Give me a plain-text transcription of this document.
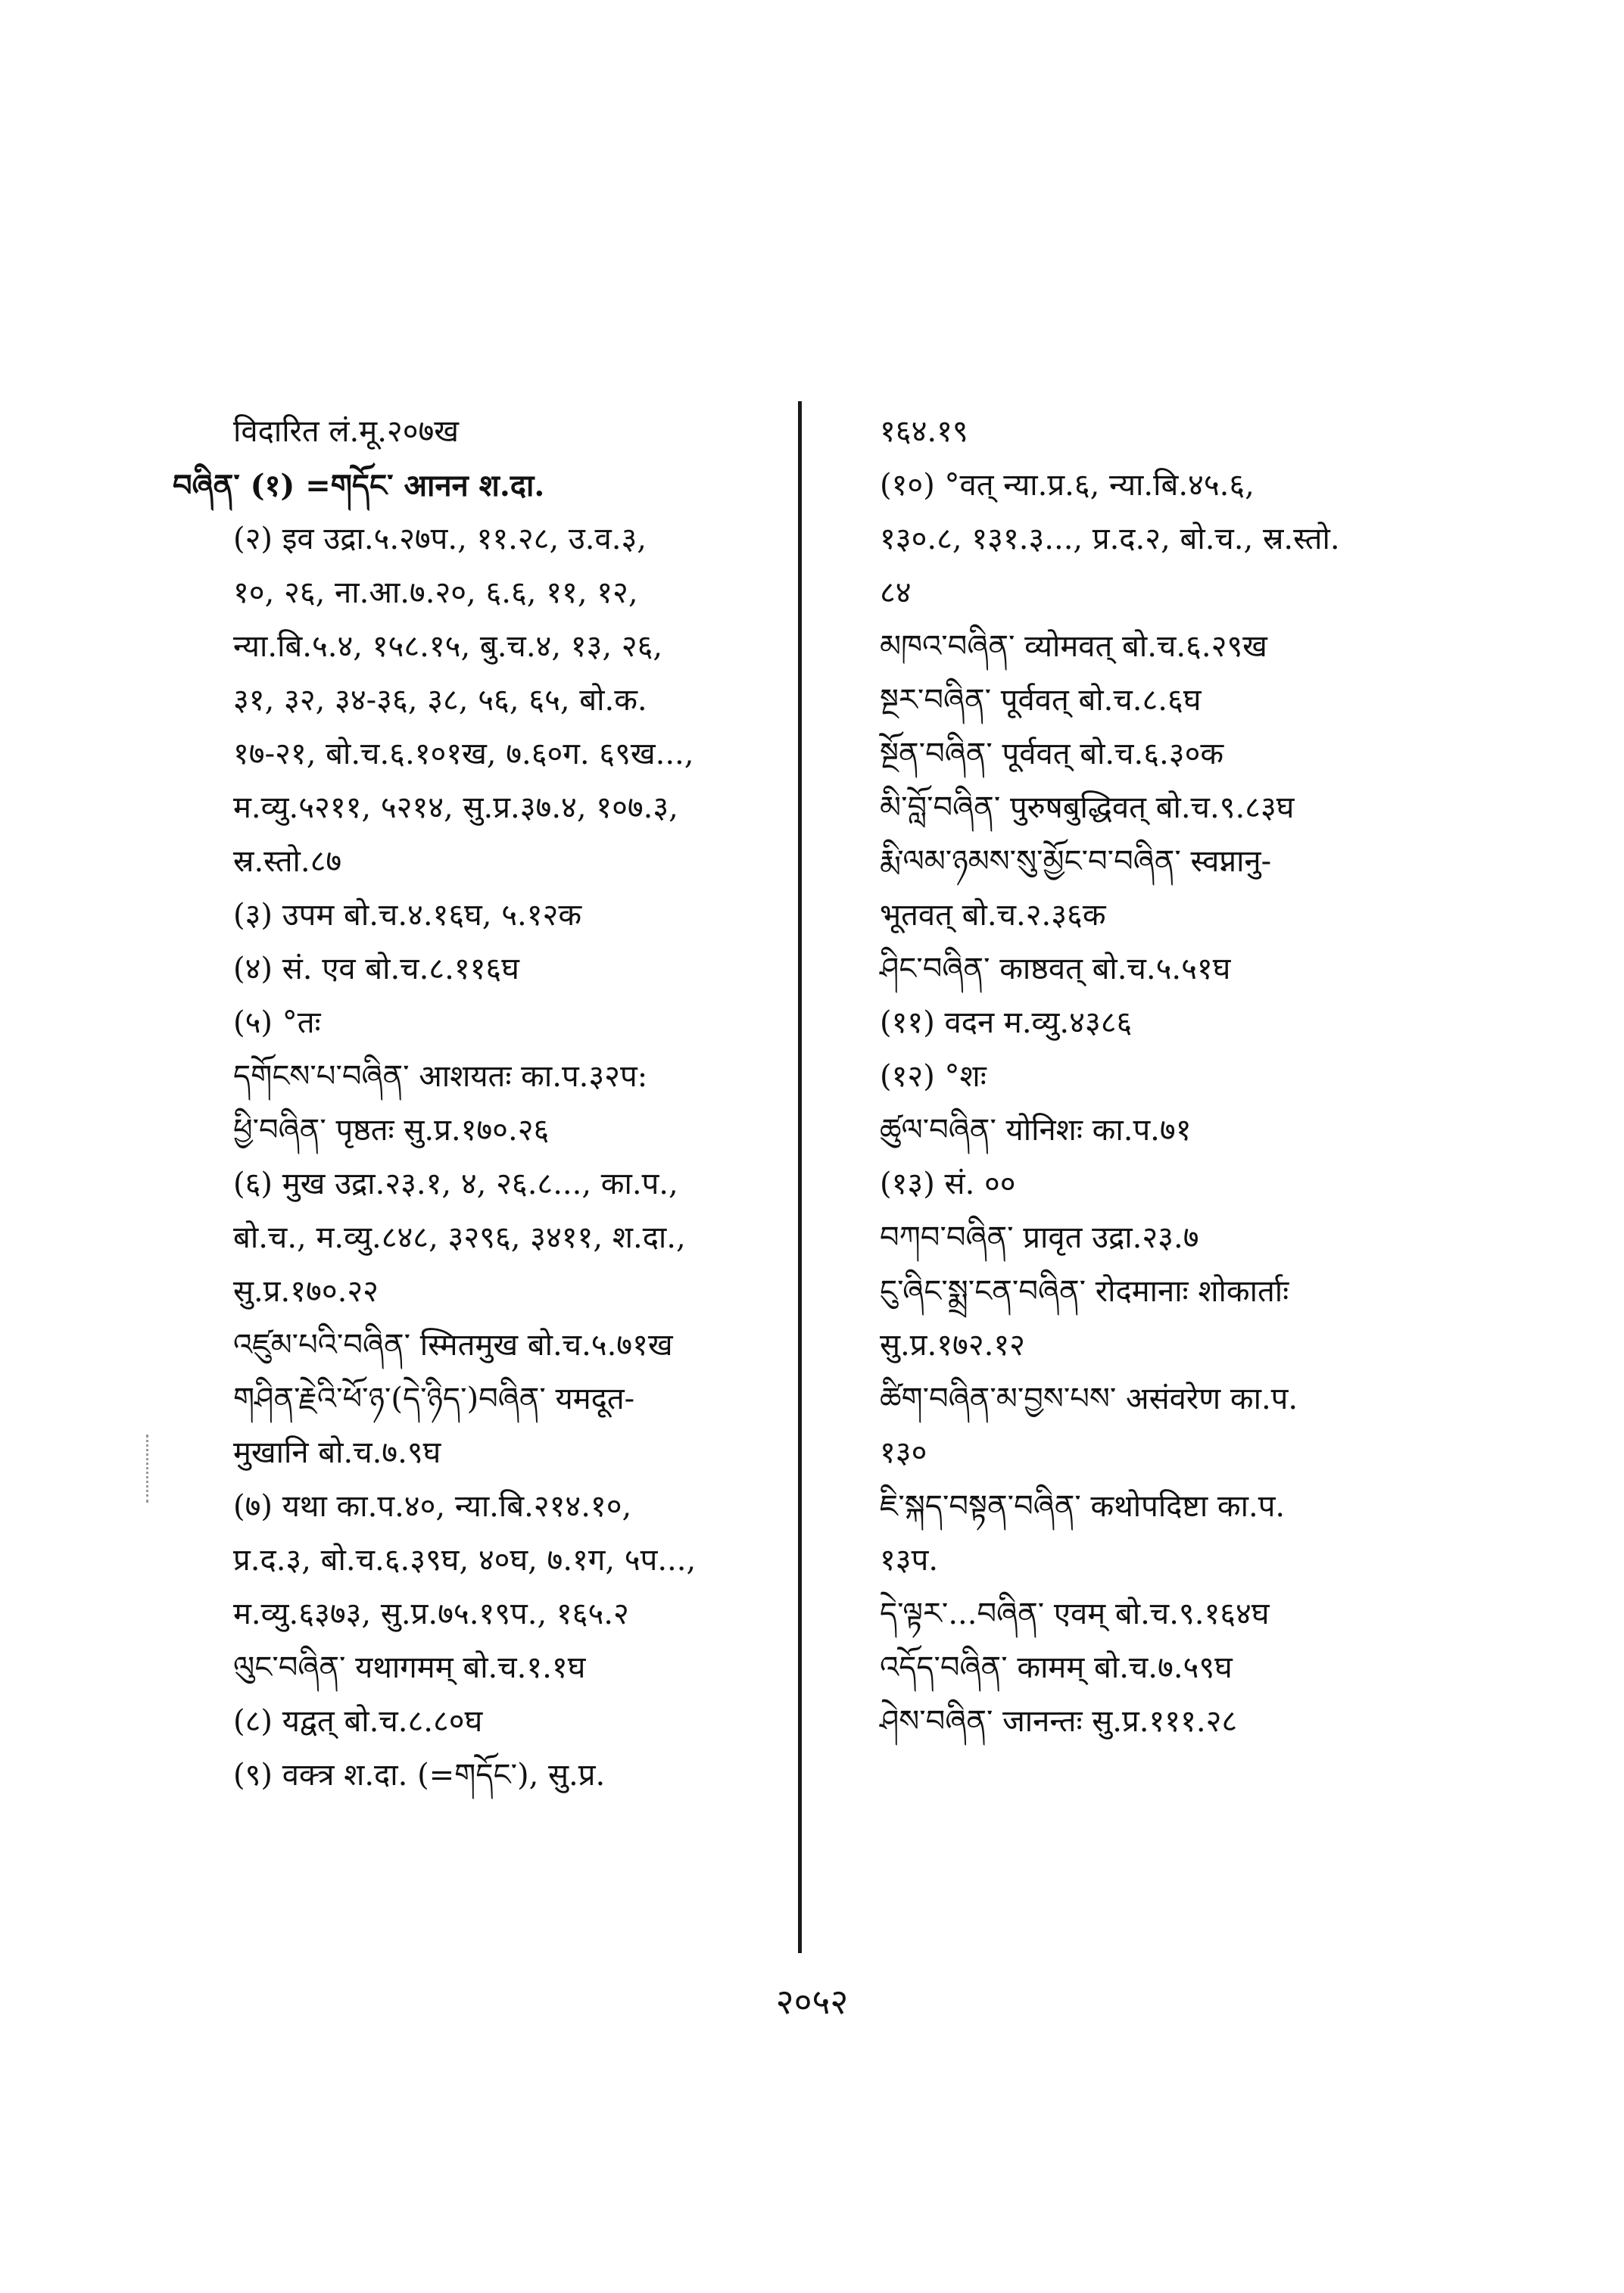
विदारित लं.मू.२०७ख
བཞིན་ (१) =གདོང་ आनन श.दा.
(२) इव उद्रा.५.२७प., ११.२८, उ.व.३,
१०, २६, ना.आ.७.२०, ६.६, ११, १२,
न्या.बि.५.४, १५८.१५, बु.च.४, १३, २६,
३१, ३२, ३४-३६, ३८, ५६, ६५, बो.क.
१७-२१, बो.च.६.१०१ख, ७.६०ग. ६९ख...,
म.व्यु.५२११, ५२१४, सु.प्र.३७.४, १०७.३,
स्र.स्तो.८७
(३) उपम बो.च.४.१६घ, ५.१२क
(४) सं. एव बो.च.८.११६घ
(५) °तः
དགོངས་པ་བཞིན་ आशयतः का.प.३२प:
ཕྱི་བཞིན་ पृष्ठतः सु.प्र.१७०.२६
(६) मुख उद्रा.२३.१, ४, २६.८..., का.प.,
बो.च., म.व्यु.८४८, ३२९६, ३४११, श.दा.,
सु.प्र.१७०.२२
འཛུམ་པའི་བཞིན་ स्मितमुख बो.च.५.७१ख
གཤིན་རྗེའི་ཕོ་ཉ་(དེ་ཉིད་)བཞིན་ यमदूत-
मुखानि बो.च.७.९घ
(७) यथा का.प.४०, न्या.बि.२१४.१०,
प्र.द.३, बो.च.६.३९घ, ४०घ, ७.१ग, ५प...,
म.व्यु.६३७३, सु.प्र.७५.१९प., १६५.२
ལུང་བཞིན་ यथागमम् बो.च.१.१घ
(८) यद्वत् बो.च.८.८०घ
(९) वक्त्र श.दा. (=གདོང་), सु.प्र.
१६४.१९
(१०) °वत् न्या.प्र.६, न्या.बि.४५.६,
१३०.८, १३१.३..., प्र.द.२, बो.च., स्र.स्तो.
८४
མཁའ་བཞིན་ व्योमवत् बो.च.६.२९ख
སྔར་བཞིན་ पूर्ववत् बो.च.८.६घ
སྔོན་བཞིན་ पूर्ववत् बो.च.६.३०क
མི་བློ་བཞིན་ पुरुषबुद्धिवत् बो.च.९.८३घ
རྨི་ལམ་ཉམས་སུ་མྱོང་བ་བཞིན་ स्वप्नानु-
भूतवत् बो.च.२.३६क
ཤིང་བཞིན་ काष्ठवत् बो.च.५.५१घ
(११) वदन म.व्यु.४३८६
(१२) °शः
ཚུལ་བཞིན་ योनिशः का.प.७१
(१३) सं. ००
བཀབ་བཞིན་ प्रावृत उद्रा.२३.७
ངུ་ཞིང་སྨྲ་ངན་བཞིན་ रोदमानाः शोकार्ताः
सु.प्र.१७२.१२
ཚིག་བཞིན་མ་བྱས་པས་ असंवरेण का.प.
१३०
ཇི་སྐད་བསྟན་བཞིན་ कथोपदिष्टा का.प.
१३प.
དེ་ལྟར་...བཞིན་ एवम् बो.च.९.१६४घ
འདོད་བཞིན་ कामम् बो.च.७.५९घ
ཤེས་བཞིན་ जानन्तः सु.प्र.१११.२८
२०५२
